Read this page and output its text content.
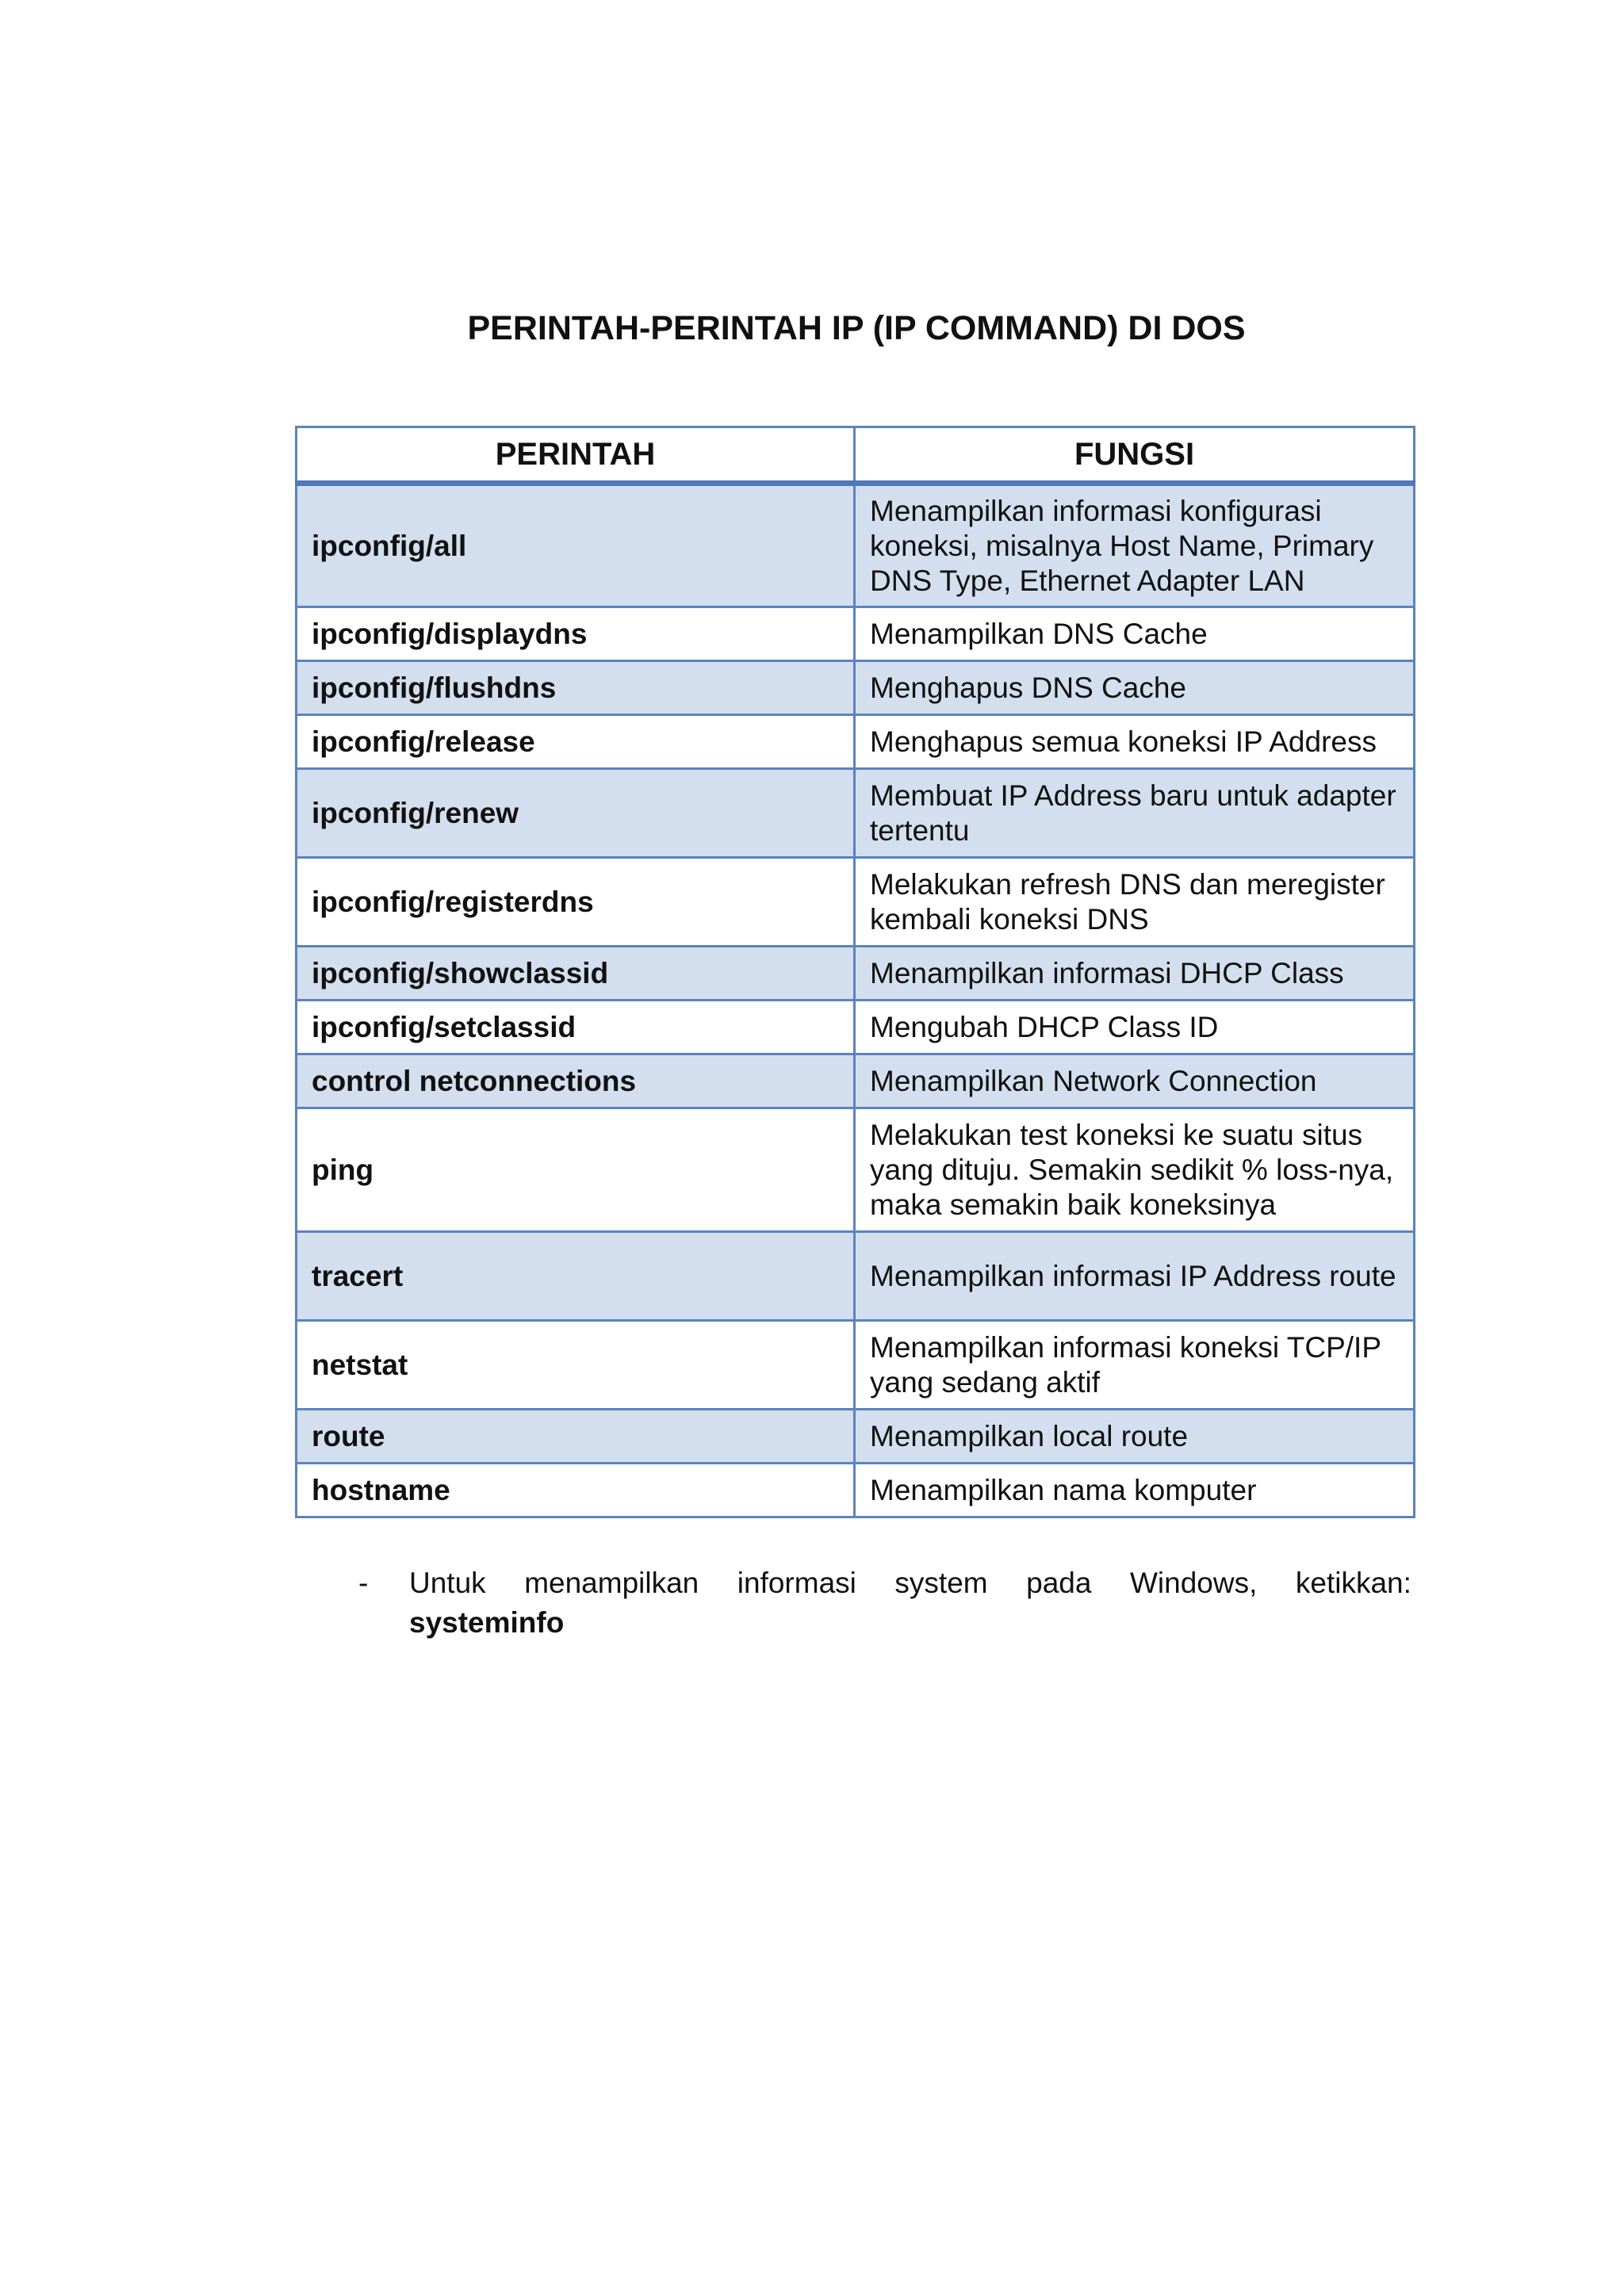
PERINTAH-PERINTAH IP (IP COMMAND) DI DOS
PERINTAH	FUNGSI
ipconfig/all	Menampilkan informasi konfigurasi koneksi, misalnya Host Name, Primary DNS Type, Ethernet Adapter LAN
ipconfig/displaydns	Menampilkan DNS Cache
ipconfig/flushdns	Menghapus DNS Cache
ipconfig/release	Menghapus semua koneksi IP Address
ipconfig/renew	Membuat IP Address baru untuk adapter tertentu
ipconfig/registerdns	Melakukan refresh DNS dan meregister kembali koneksi DNS
ipconfig/showclassid	Menampilkan informasi DHCP Class
ipconfig/setclassid	Mengubah DHCP Class ID
control netconnections	Menampilkan Network Connection
ping	Melakukan test koneksi ke suatu situs yang dituju. Semakin sedikit % loss-nya, maka semakin baik koneksinya
tracert	Menampilkan informasi IP Address route
netstat	Menampilkan informasi koneksi TCP/IP yang sedang aktif
route	Menampilkan local route
hostname	Menampilkan nama komputer
- Untuk menampilkan informasi system pada Windows, ketikkan:
systeminfo
